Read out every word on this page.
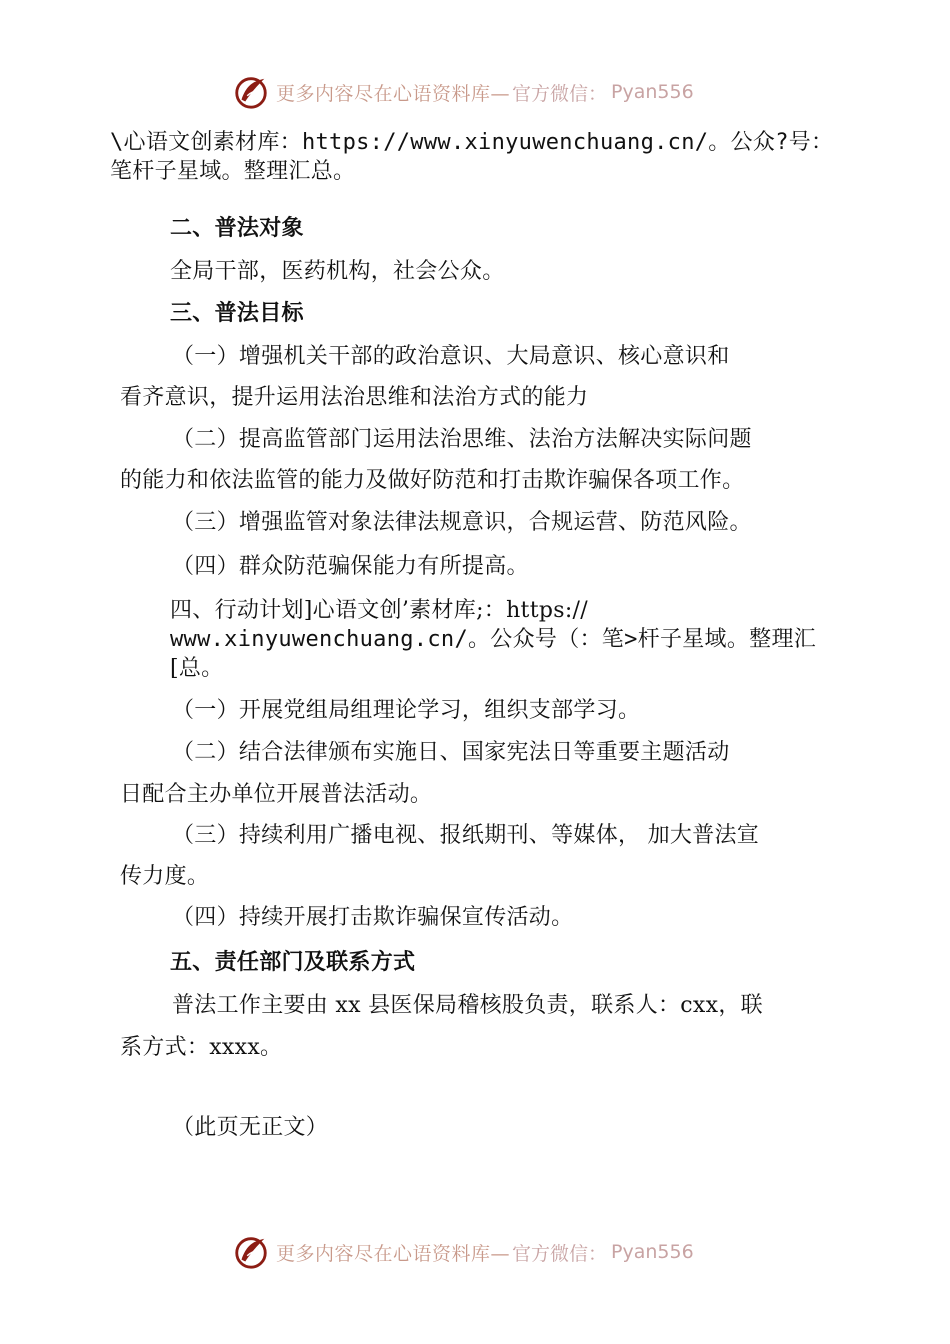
更多内容尽在心语资料库— 官方微信： Pyan556
\心语文创素材库：https://www.xinyuwenchuang.cn/。公众?号：
笔杆子星域。整理汇总。
二、普法对象
全局干部，医药机构，社会公众。
三、普法目标
（一）增强机关干部的政治意识、大局意识、核心意识和
看齐意识，提升运用法治思维和法治方式的能力
（二）提高监管部门运用法治思维、法治方法解决实际问题
的能力和依法监管的能力及做好防范和打击欺诈骗保各项工作。
（三）增强监管对象法律法规意识，合规运营、防范风险。
（四）群众防范骗保能力有所提高。
四、行动计划]心语文创’素材库;：https://
www.xinyuwenchuang.cn/。公众号（：笔>杆子星域。整理汇
[总。
（一）开展党组局组理论学习，组织支部学习。
（二）结合法律颁布实施日、国家宪法日等重要主题活动
日配合主办单位开展普法活动。
（三）持续利用广播电视、报纸期刊、等媒体， 加大普法宣
传力度。
（四）持续开展打击欺诈骗保宣传活动。
五、责任部门及联系方式
普法工作主要由 xx 县医保局稽核股负责，联系人：cxx，联
系方式：xxxx。
（此页无正文）
更多内容尽在心语资料库— 官方微信： Pyan556
